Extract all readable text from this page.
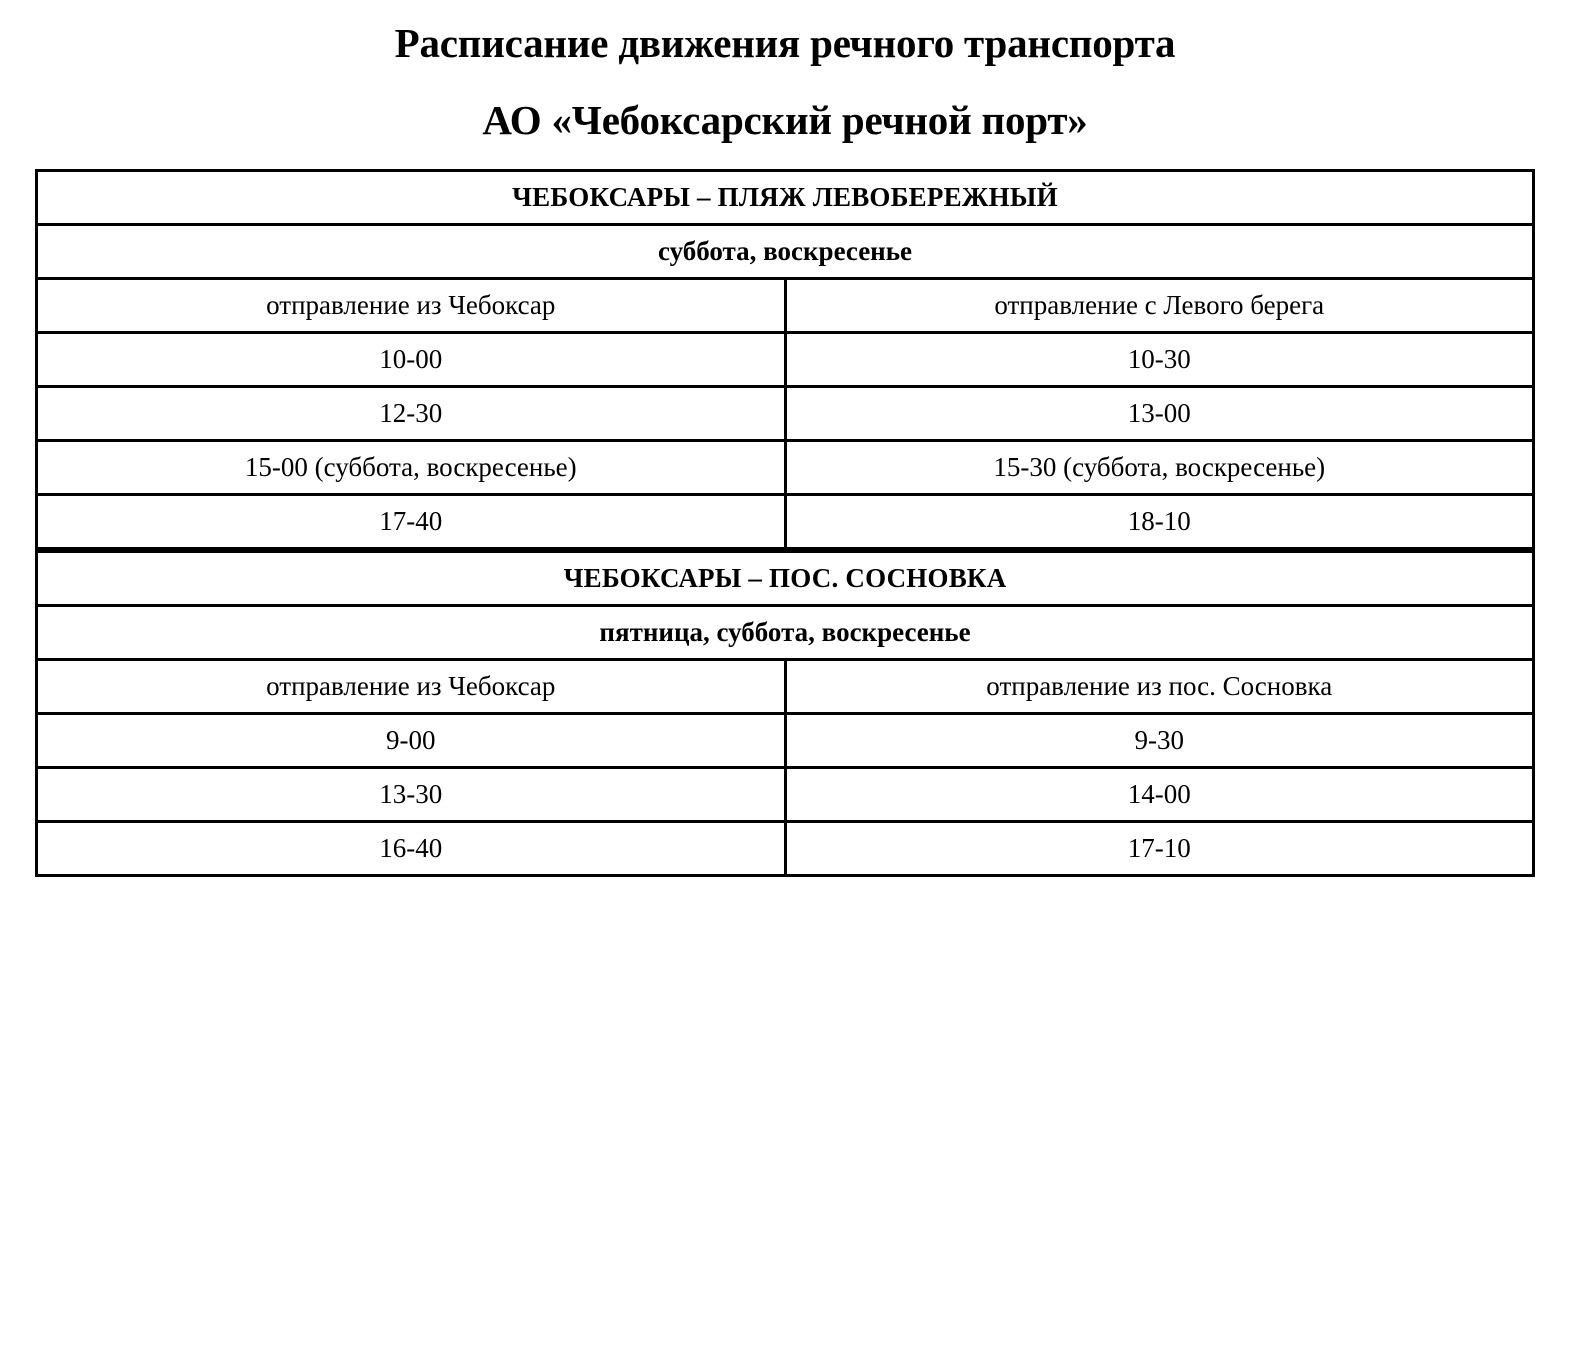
Расписание движения речного транспорта
АО «Чебоксарский речной порт»
ЧЕБОКСАРЫ – ПЛЯЖ ЛЕВОБЕРЕЖНЫЙ	
суббота, воскресенье	
отправление из Чебоксар	отправление с Левого берега
10-00	10-30
12-30	13-00
15-00 (суббота, воскресенье)	15-30 (суббота, воскресенье)
17-40	18-10
ЧЕБОКСАРЫ – ПОС. СОСНОВКА	
пятница, суббота, воскресенье	
отправление из Чебоксар	отправление из пос. Сосновка
9-00	9-30
13-30	14-00
16-40	17-10
